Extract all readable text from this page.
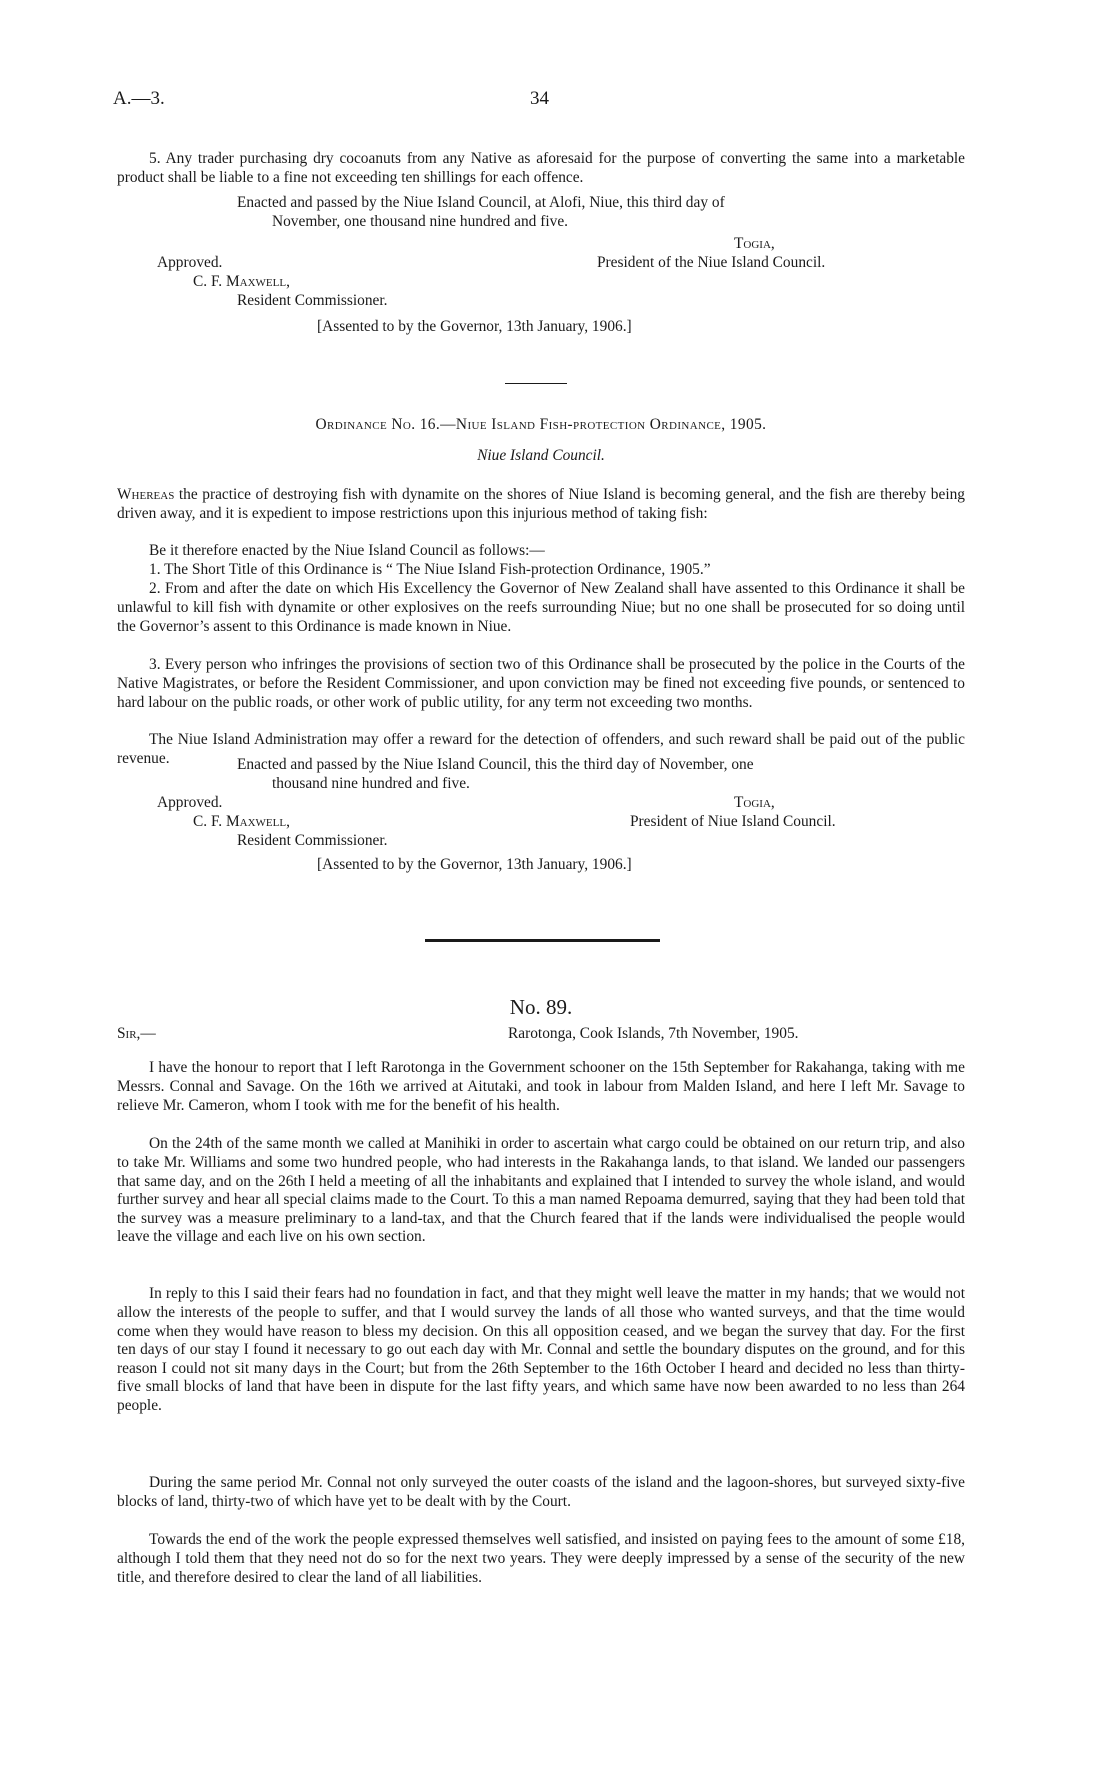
A.—3.	34

5. Any trader purchasing dry cocoanuts from any Native as aforesaid for the purpose of converting the same into a marketable product shall be liable to a fine not exceeding ten shillings for each offence.

Enacted and passed by the Niue Island Council, at Alofi, Niue, this third day of
November, one thousand nine hundred and five.
Togia,
Approved.	President of the Niue Island Council.
C. F. Maxwell,
Resident Commissioner.
[Assented to by the Governor, 13th January, 1906.]
Ordinance No. 16.—Niue Island Fish-protection Ordinance, 1905.
Niue Island Council.

Whereas the practice of destroying fish with dynamite on the shores of Niue Island is becoming general, and the fish are thereby being driven away, and it is expedient to impose restrictions upon this injurious method of taking fish:

Be it therefore enacted by the Niue Island Council as follows:—

1. The Short Title of this Ordinance is “ The Niue Island Fish-protection Ordinance, 1905.”

2. From and after the date on which His Excellency the Governor of New Zealand shall have assented to this Ordinance it shall be unlawful to kill fish with dynamite or other explosives on the reefs surrounding Niue; but no one shall be prosecuted for so doing until the Governor’s assent to this Ordinance is made known in Niue.

3. Every person who infringes the provisions of section two of this Ordinance shall be prosecuted by the police in the Courts of the Native Magistrates, or before the Resident Commissioner, and upon conviction may be fined not exceeding five pounds, or sentenced to hard labour on the public roads, or other work of public utility, for any term not exceeding two months.

The Niue Island Administration may offer a reward for the detection of offenders, and such reward shall be paid out of the public revenue.	Enacted and passed by the Niue Island Council, this the third day of November, one
thousand nine hundred and five.
Approved.	Togia,
C. F. Maxwell,	President of Niue Island Council.
Resident Commissioner.
[Assented to by the Governor, 13th January, 1906.]
No. 89.
Sir,—	Rarotonga, Cook Islands, 7th November, 1905.

I have the honour to report that I left Rarotonga in the Government schooner on the 15th September for Rakahanga, taking with me Messrs. Connal and Savage. On the 16th we arrived at Aitutaki, and took in labour from Malden Island, and here I left Mr. Savage to relieve Mr. Cameron, whom I took with me for the benefit of his health.

On the 24th of the same month we called at Manihiki in order to ascertain what cargo could be obtained on our return trip, and also to take Mr. Williams and some two hundred people, who had interests in the Rakahanga lands, to that island. We landed our passengers that same day, and on the 26th I held a meeting of all the inhabitants and explained that I intended to survey the whole island, and would further survey and hear all special claims made to the Court. To this a man named Repoama demurred, saying that they had been told that the survey was a measure preliminary to a land-tax, and that the Church feared that if the lands were individualised the people would leave the village and each live on his own section.

In reply to this I said their fears had no foundation in fact, and that they might well leave the matter in my hands; that we would not allow the interests of the people to suffer, and that I would survey the lands of all those who wanted surveys, and that the time would come when they would have reason to bless my decision. On this all opposition ceased, and we began the survey that day. For the first ten days of our stay I found it necessary to go out each day with Mr. Connal and settle the boundary disputes on the ground, and for this reason I could not sit many days in the Court; but from the 26th September to the 16th October I heard and decided no less than thirty-five small blocks of land that have been in dispute for the last fifty years, and which same have now been awarded to no less than 264 people.

During the same period Mr. Connal not only surveyed the outer coasts of the island and the lagoon-shores, but surveyed sixty-five blocks of land, thirty-two of which have yet to be dealt with by the Court.

Towards the end of the work the people expressed themselves well satisfied, and insisted on paying fees to the amount of some £18, although I told them that they need not do so for the next two years. They were deeply impressed by a sense of the security of the new title, and therefore desired to clear the land of all liabilities.
